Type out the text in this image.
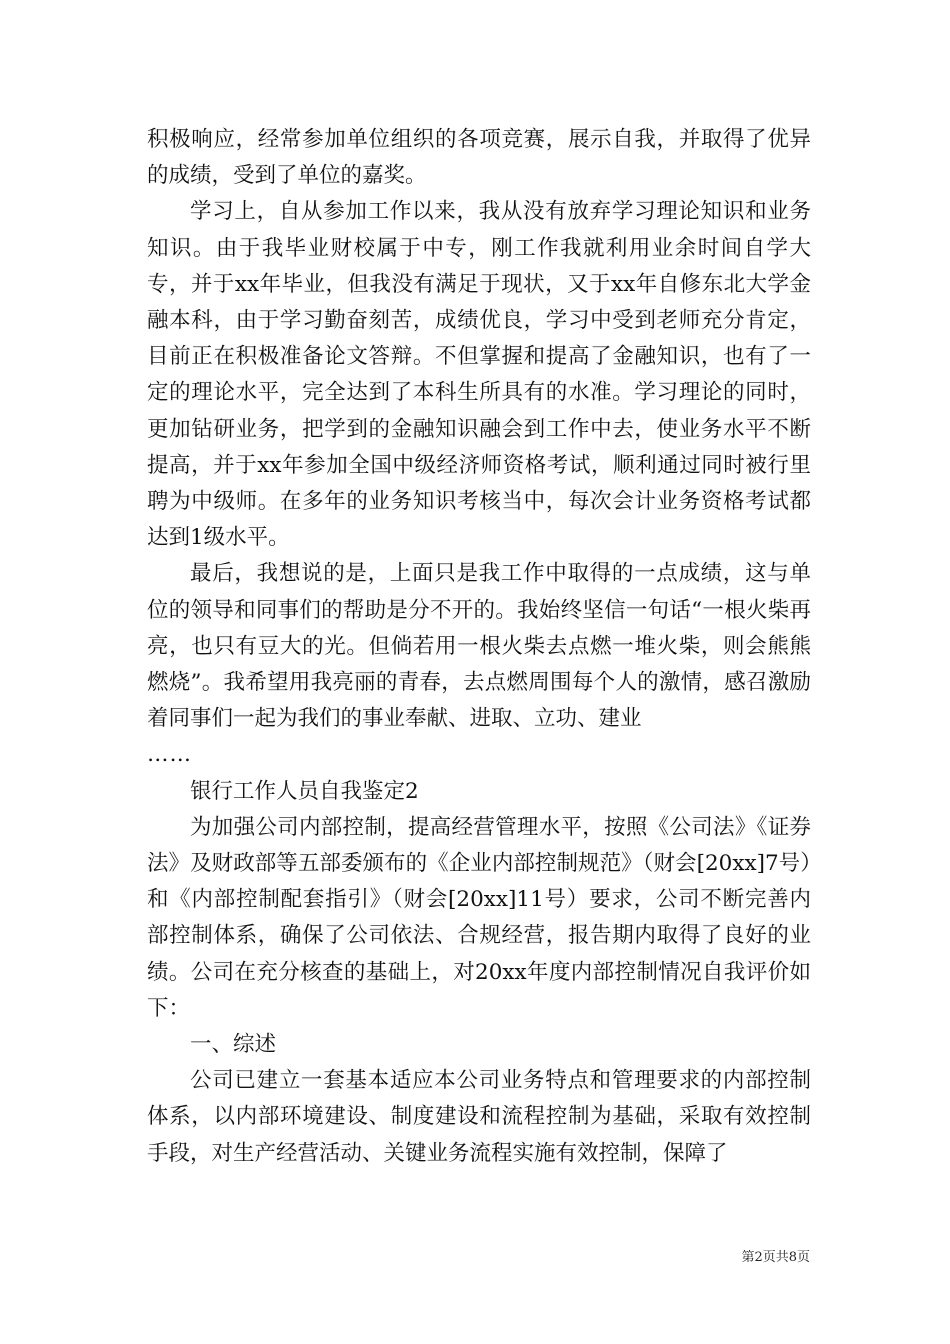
积极响应，经常参加单位组织的各项竞赛，展示自我，并取得了优异的成绩，受到了单位的嘉奖。

学习上，自从参加工作以来，我从没有放弃学习理论知识和业务知识。由于我毕业财校属于中专，刚工作我就利用业余时间自学大专，并于xx年毕业，但我没有满足于现状，又于xx年自修东北大学金融本科，由于学习勤奋刻苦，成绩优良，学习中受到老师充分肯定，目前正在积极准备论文答辩。不但掌握和提高了金融知识，也有了一定的理论水平，完全达到了本科生所具有的水准。学习理论的同时，更加钻研业务，把学到的金融知识融会到工作中去，使业务水平不断提高，并于xx年参加全国中级经济师资格考试，顺利通过同时被行里聘为中级师。在多年的业务知识考核当中，每次会计业务资格考试都达到1级水平。

最后，我想说的是，上面只是我工作中取得的一点成绩，这与单位的领导和同事们的帮助是分不开的。我始终坚信一句话“一根火柴再亮，也只有豆大的光。但倘若用一根火柴去点燃一堆火柴，则会熊熊燃烧”。我希望用我亮丽的青春，去点燃周围每个人的激情，感召激励着同事们一起为我们的事业奉献、进取、立功、建业

……

银行工作人员自我鉴定2

为加强公司内部控制，提高经营管理水平，按照《公司法》《证券法》及财政部等五部委颁布的《企业内部控制规范》（财会[20xx]7号）和《内部控制配套指引》（财会[20xx]11号）要求，公司不断完善内部控制体系，确保了公司依法、合规经营，报告期内取得了良好的业绩。公司在充分核查的基础上，对20xx年度内部控制情况自我评价如下：

一、综述

公司已建立一套基本适应本公司业务特点和管理要求的内部控制体系，以内部环境建设、制度建设和流程控制为基础，采取有效控制手段，对生产经营活动、关键业务流程实施有效控制，保障了

第2页共8页
